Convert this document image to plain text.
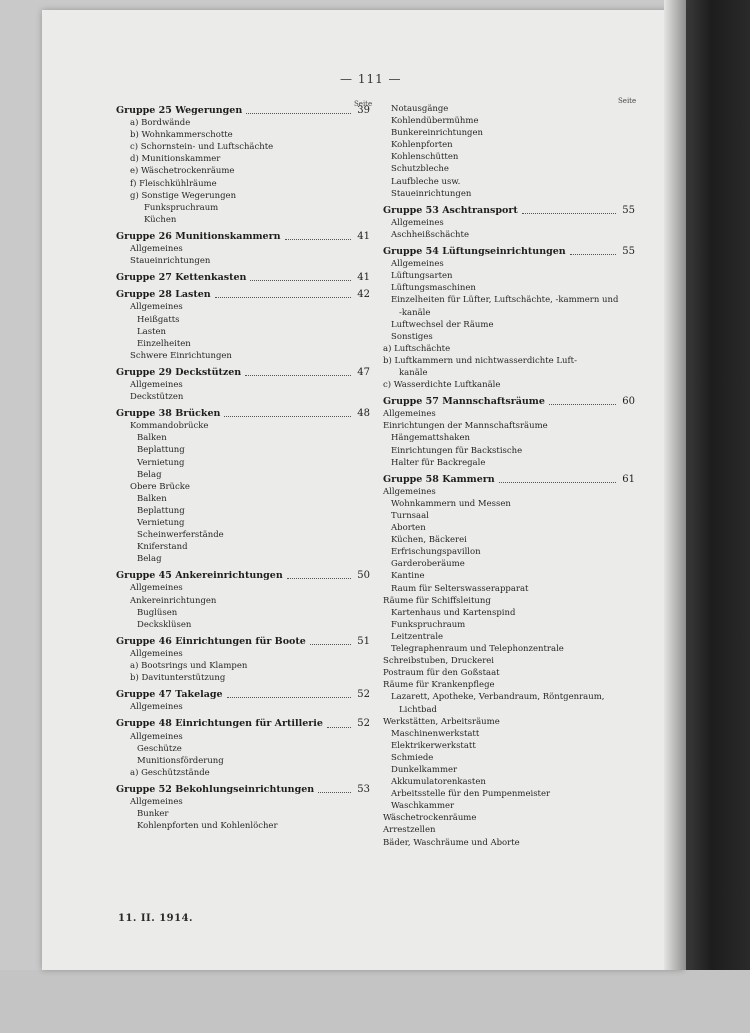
— 111 —
Seite	Seite
Gruppe 25 Wegerungen	39
a) Bordwände
b) Wohnkammerschotte
c) Schornstein- und Luftschächte
d) Munitionskammer
e) Wäschetrockenräume
f) Fleischkühlräume
g) Sonstige Wegerungen
Funkspruchraum
Küchen
Gruppe 26 Munitionskammern	41
Allgemeines
Staueinrichtungen
Gruppe 27 Kettenkasten	41
Gruppe 28 Lasten	42
Allgemeines
Heißgatts
Lasten
Einzelheiten
Schwere Einrichtungen
Gruppe 29 Deckstützen	47
Allgemeines
Deckstützen
Gruppe 38 Brücken	48
Kommandobrücke
Balken
Beplattung
Vernietung
Belag
Obere Brücke
Balken
Beplattung
Vernietung
Scheinwerferstände
Kniferstand
Belag
Gruppe 45 Ankereinrichtungen	50
Allgemeines
Ankereinrichtungen
Buglüsen
Decksklüsen
Gruppe 46 Einrichtungen für Boote	51
Allgemeines
a) Bootsrings und Klampen
b) Davitunterstützung
Gruppe 47 Takelage	52
Allgemeines
Gruppe 48 Einrichtungen für Artillerie	52
Allgemeines
Geschütze
Munitionsförderung
a) Geschützstände
Gruppe 52 Bekohlungseinrichtungen	53
Allgemeines
Bunker
Kohlenpforten und Kohlenlöcher
Notausgänge
Kohlendübermühme
Bunkereinrichtungen
Kohlenpforten
Kohlenschütten
Schutzbleche
Laufbleche usw.
Staueinrichtungen
Gruppe 53 Aschtransport	55
Allgemeines
Aschheißschächte
Gruppe 54 Lüftungseinrichtungen	55
Allgemeines
Lüftungsarten
Lüftungsmaschinen
Einzelheiten für Lüfter, Luftschächte, -kammern und
-kanäle
Luftwechsel der Räume
Sonstiges
a) Luftschächte
b) Luftkammern und nichtwasserdichte Luft-
kanäle
c) Wasserdichte Luftkanäle
Gruppe 57 Mannschaftsräume	60
Allgemeines
Einrichtungen der Mannschaftsräume
Hängemattshaken
Einrichtungen für Backstische
Halter für Backregale
Gruppe 58 Kammern	61
Allgemeines
Wohnkammern und Messen
Turnsaal
Aborten
Küchen, Bäckerei
Erfrischungspavillon
Garderoberäume
Kantine
Raum für Selterswasserapparat
Räume für Schiffsleitung
Kartenhaus und Kartenspind
Funkspruchraum
Leitzentrale
Telegraphenraum und Telephonzentrale
Schreibstuben, Druckerei
Postraum für den Goßstaat
Räume für Krankenpflege
Lazarett, Apotheke, Verbandraum, Röntgenraum,
Lichtbad
Werkstätten, Arbeitsräume
Maschinenwerkstatt
Elektrikerwerkstatt
Schmiede
Dunkelkammer
Akkumulatorenkasten
Arbeitsstelle für den Pumpenmeister
Waschkammer
Wäschetrockenräume
Arrestzellen
Bäder, Waschräume und Aborte
11. II. 1914.
